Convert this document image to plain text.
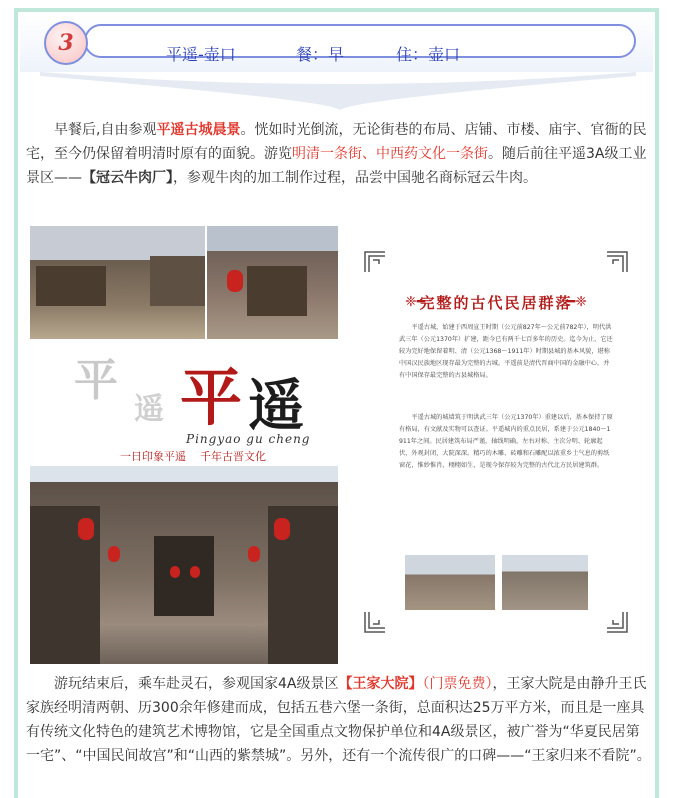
平遥-壶口	餐：早	住：壶口
3

早餐后,自由参观平遥古城晨景。恍如时光倒流，无论街巷的布局、店铺、市楼、庙宇、官衙的民宅，至今仍保留着明清时原有的面貌。游览明清一条街、中西药文化一条街。随后前往平遥3A级工业景区——【冠云牛肉厂】，参观牛肉的加工制作过程，品尝中国驰名商标冠云牛肉。

平
遥 平 遥
Pingyao gu cheng
一日印象平遥    千年古晋文化
❈━	━❈
完整的古代民居群落

平遥古城，始建于西周宣王时期（公元前827年～公元前782年），明代洪武三年（公元1370年）扩建，距今已有两千七百多年的历史。迄今为止，它还较为完好地保留着明、清（公元1368～1911年）时期县城的基本风貌，堪称中国汉民族地区现存最为完整的古城。平遥前是清代晋商中国的金融中心，并有中国保存最完整的古县城格局。

平遥古城的城墙筑于明洪武三年（公元1370年）重建以后，基本保持了原有格局，有文献及实物可以查证。平遥城内的重点民居，系建于公元1840～1911年之间。民居建筑布局严谨，轴线明确，左右对称、主次分明、轮廓起伏，外观封闭，大院深深。精巧的木雕、砖雕和石雕配以浓重乡土气息的剪纸窗花，惟妙惟肖，栩栩如生，是现今保存较为完整的古代北方民居建筑群。

游玩结束后，乘车赴灵石，参观国家4A级景区【王家大院】（门票免费），王家大院是由静升王氏家族经明清两朝、历300余年修建而成，包括五巷六堡一条街，总面积达25万平方米，而且是一座具有传统文化特色的建筑艺术博物馆，它是全国重点文物保护单位和4A级景区，被广誉为“华夏民居第一宅”、“中国民间故宫”和“山西的紫禁城”。另外，还有一个流传很广的口碑——“王家归来不看院”。
